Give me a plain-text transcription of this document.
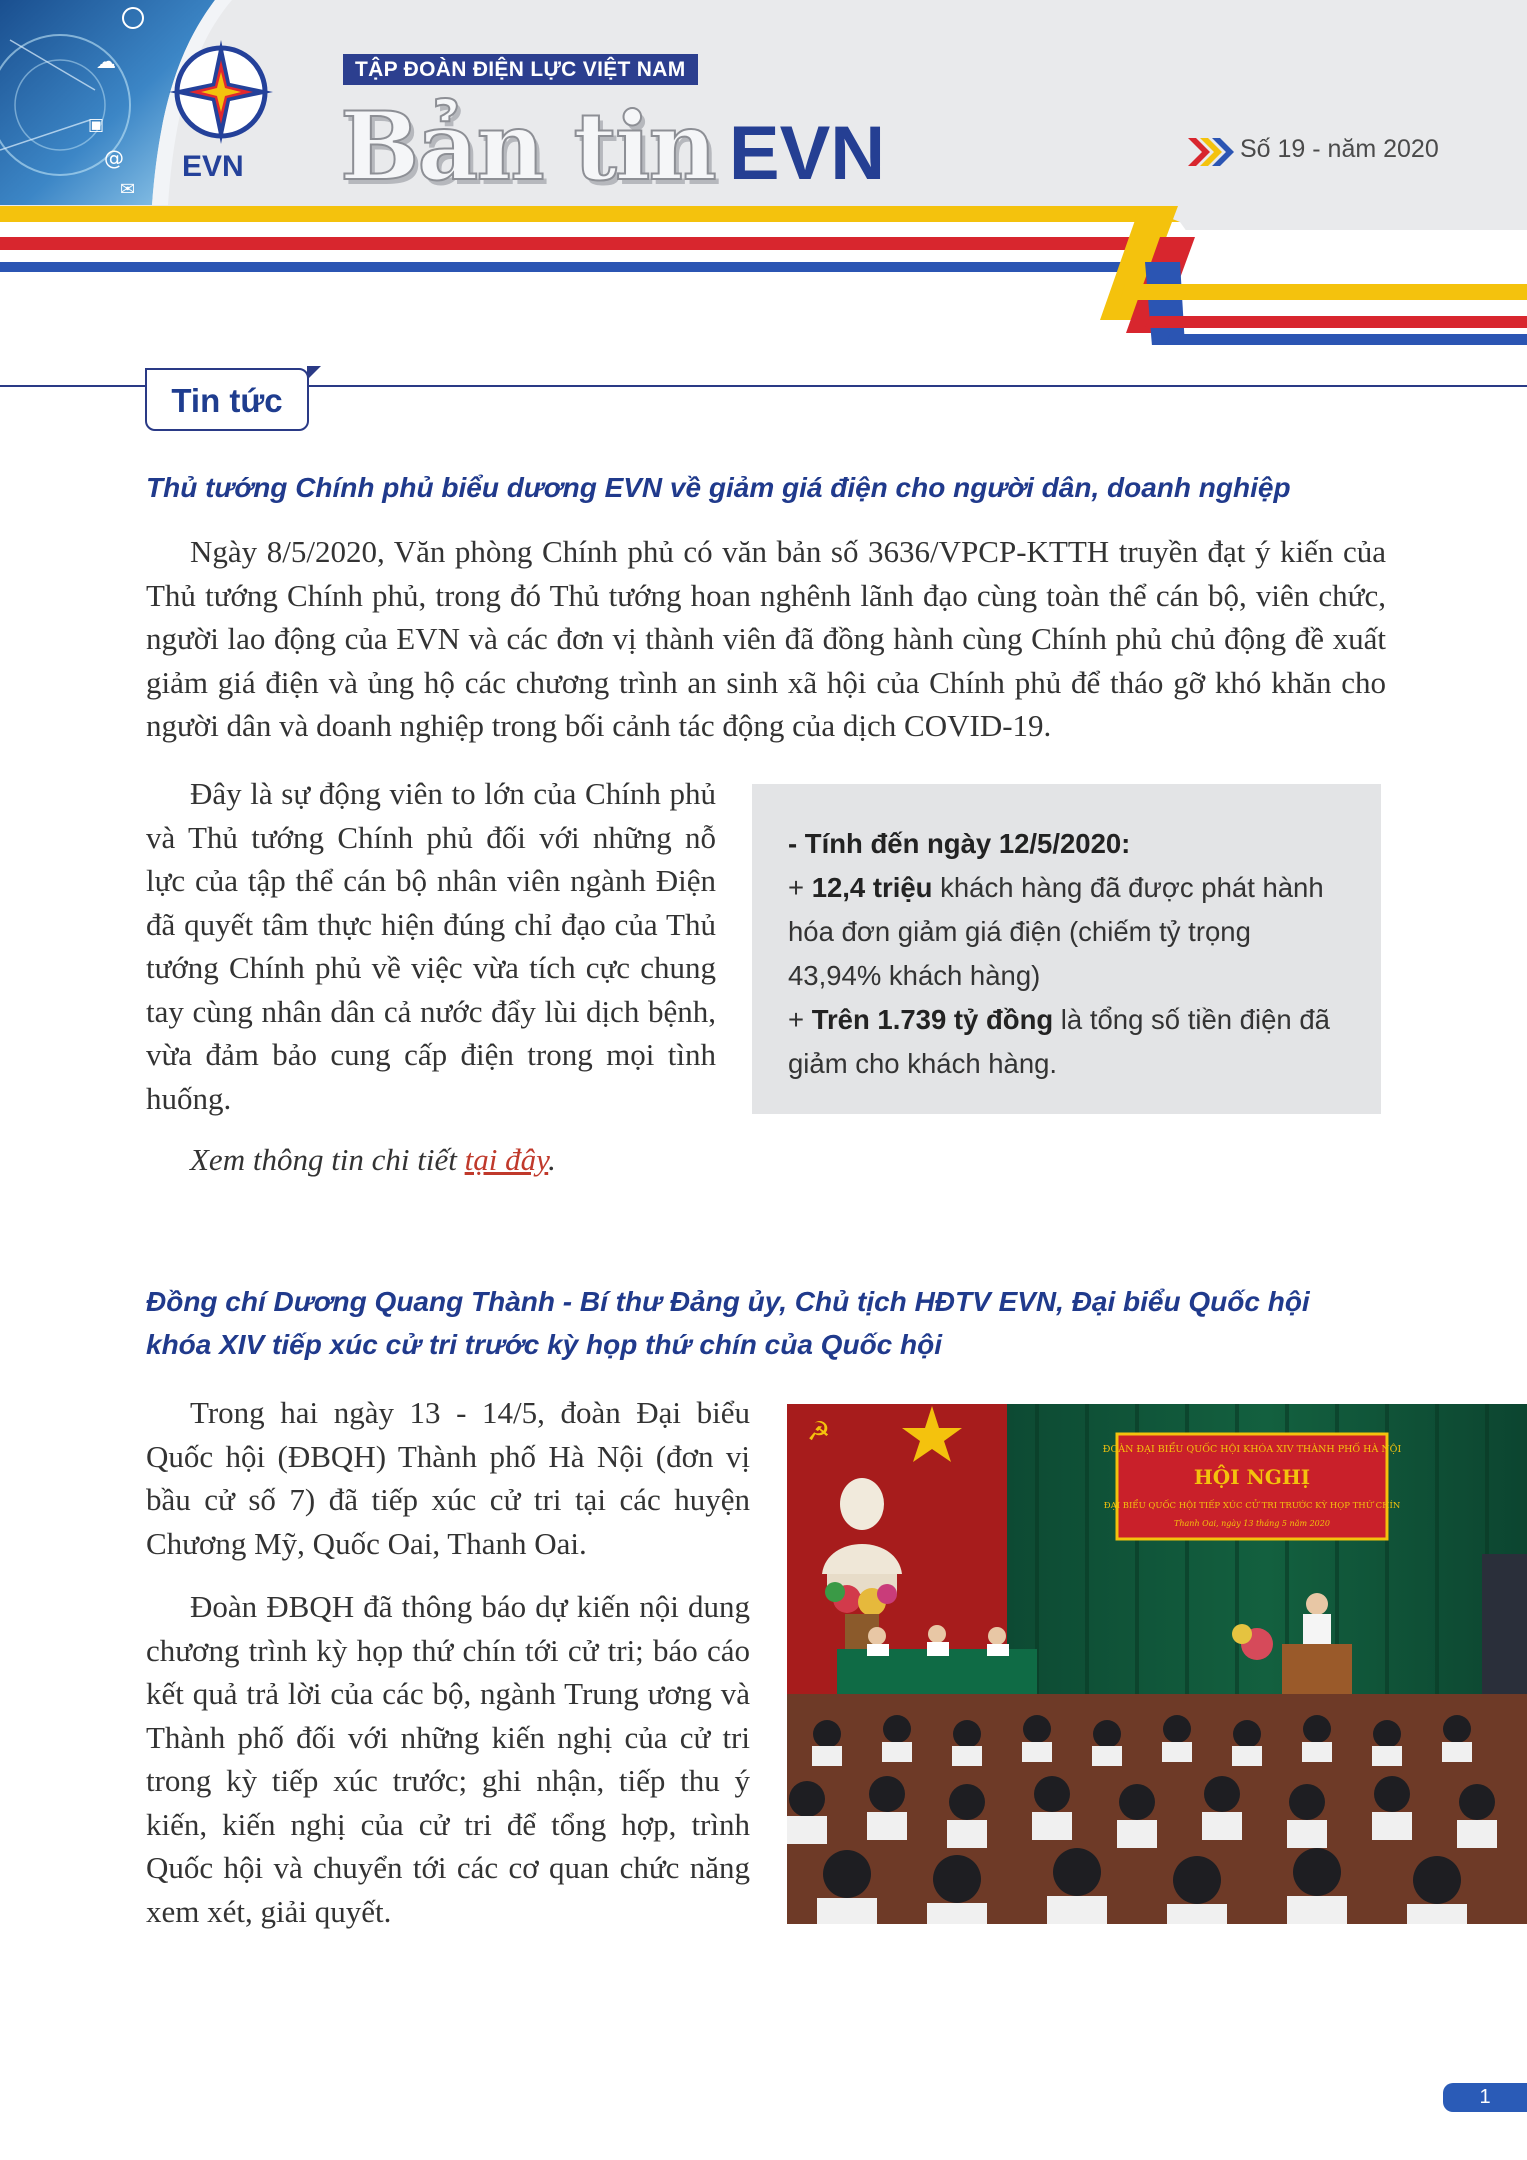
☁
@
✉
▣
EVN
TẬP ĐOÀN ĐIỆN LỰC VIỆT NAM
Bản tin EVN	Số 19 - năm 2020
Tin tức
Thủ tướng Chính phủ biểu dương EVN về giảm giá điện cho người dân, doanh nghiệp

Ngày 8/5/2020, Văn phòng Chính phủ có văn bản số 3636/VPCP-KTTH truyền đạt ý kiến của Thủ tướng Chính phủ, trong đó Thủ tướng hoan nghênh lãnh đạo cùng toàn thể cán bộ, viên chức, người lao động của EVN và các đơn vị thành viên đã đồng hành cùng Chính phủ chủ động đề xuất giảm giá điện và ủng hộ các chương trình an sinh xã hội của Chính phủ để tháo gỡ khó khăn cho người dân và doanh nghiệp trong bối cảnh tác động của dịch COVID-19.

Đây là sự động viên to lớn của Chính phủ và Thủ tướng Chính phủ đối với những nỗ lực của tập thể cán bộ nhân viên ngành Điện đã quyết tâm thực hiện đúng chỉ đạo của Thủ tướng Chính phủ về việc vừa tích cực chung tay cùng nhân dân cả nước đẩy lùi dịch bệnh, vừa đảm bảo cung cấp điện trong mọi tình huống.

Xem thông tin chi tiết tại đây.

- Tính đến ngày 12/5/2020:

+ 12,4 triệu khách hàng đã được phát hành hóa đơn giảm giá điện (chiếm tỷ trọng 43,94% khách hàng)

+ Trên 1.739 tỷ đồng là tổng số tiền điện đã giảm cho khách hàng.

Đồng chí Dương Quang Thành - Bí thư Đảng ủy, Chủ tịch HĐTV EVN, Đại biểu Quốc hội
khóa XIV tiếp xúc cử tri trước kỳ họp thứ chín của Quốc hội

Trong hai ngày 13 - 14/5, đoàn Đại biểu Quốc hội (ĐBQH) Thành phố Hà Nội (đơn vị bầu cử số 7) đã tiếp xúc cử tri tại các huyện Chương Mỹ, Quốc Oai, Thanh Oai.

Đoàn ĐBQH đã thông báo dự kiến nội dung chương trình kỳ họp thứ chín tới cử tri; báo cáo kết quả trả lời của các bộ, ngành Trung ương và Thành phố đối với những kiến nghị của cử tri trong kỳ tiếp xúc trước; ghi nhận, tiếp thu ý kiến, kiến nghị của cử tri để tổng hợp, trình Quốc hội và chuyển tới các cơ quan chức năng xem xét, giải quyết.

☭
ĐOÀN ĐẠI BIỂU QUỐC HỘI KHÓA XIV THÀNH PHỐ HÀ NỘI
HỘI NGHỊ
ĐẠI BIỂU QUỐC HỘI TIẾP XÚC CỬ TRI TRƯỚC KỲ HỌP THỨ CHÍN
Thanh Oai, ngày 13 tháng 5 năm 2020
1
